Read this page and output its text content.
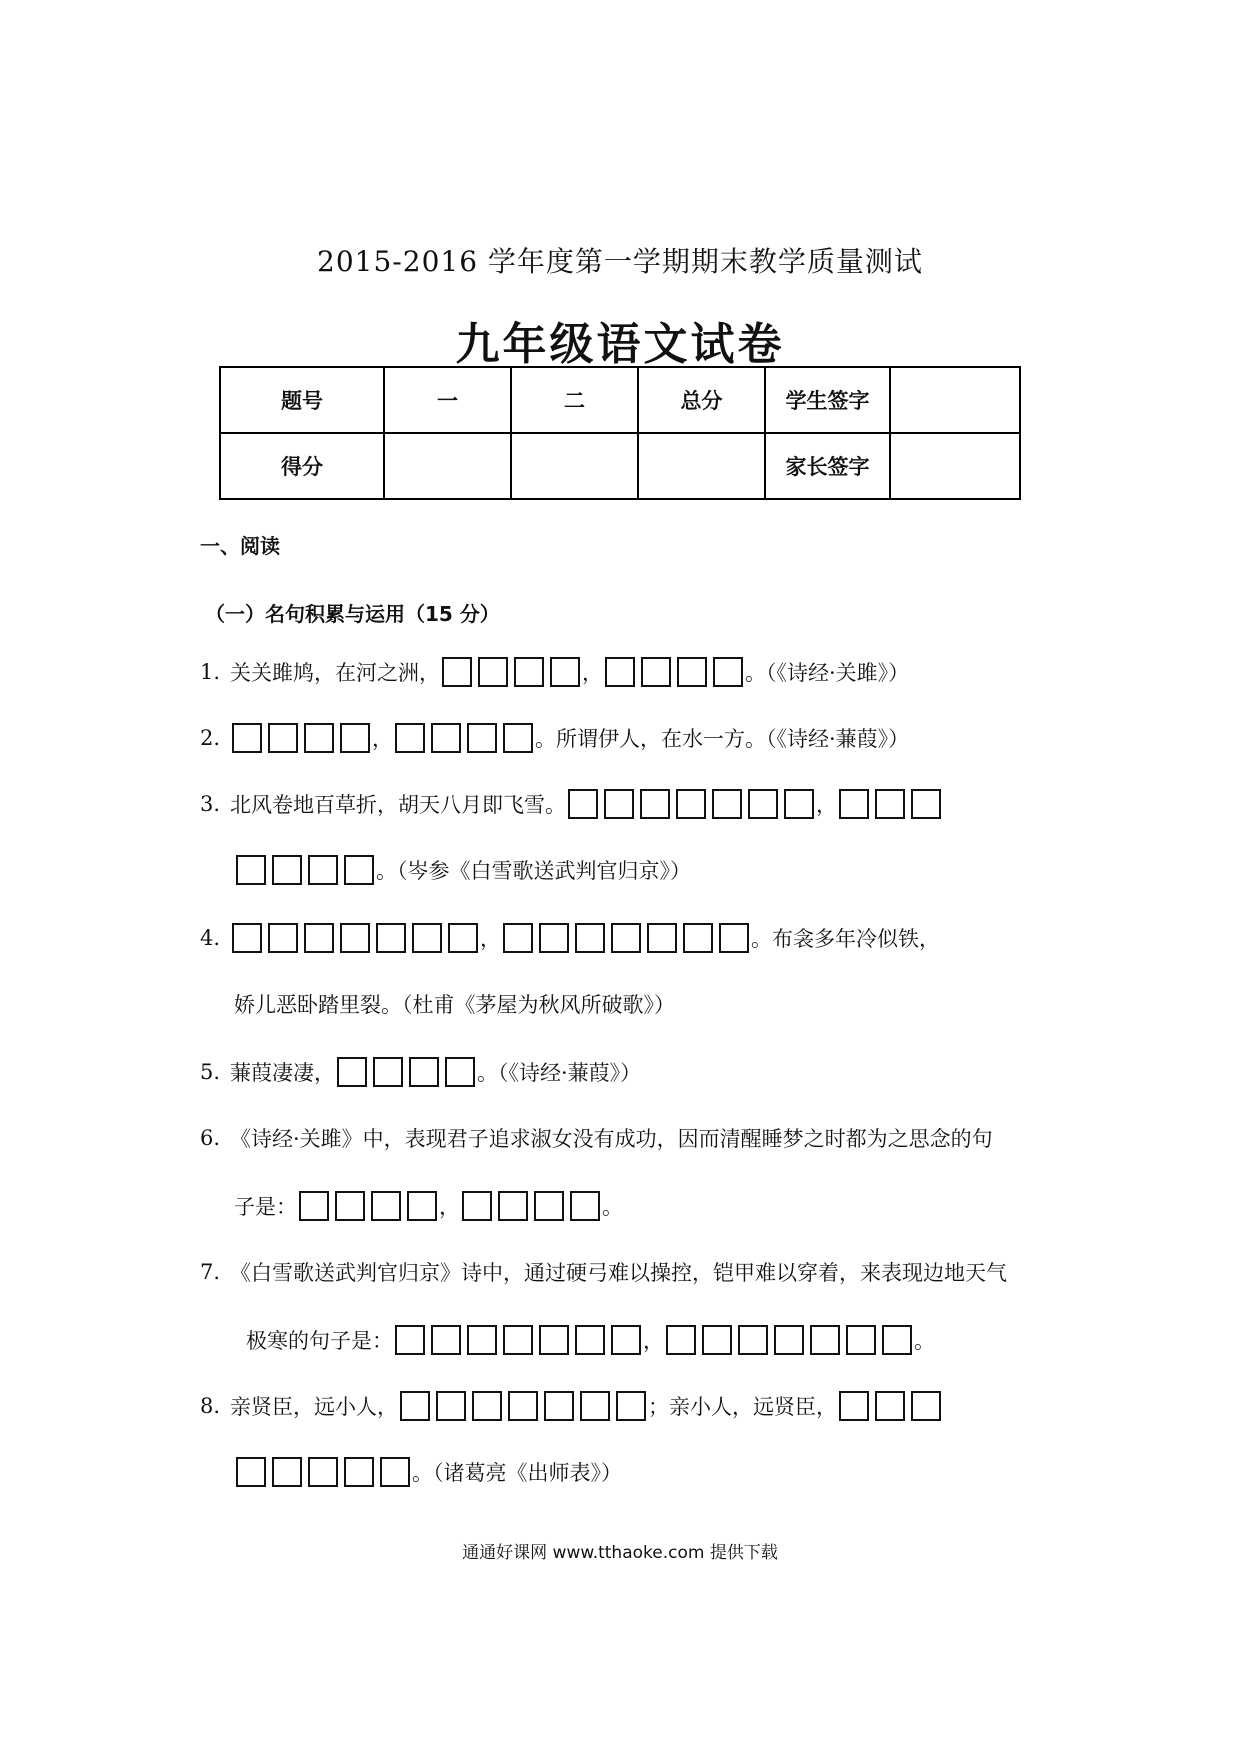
2015-2016 学年度第一学期期末教学质量测试
九年级语文试卷
题号	一	二	总分	学生签字	
得分				家长签字	
一、阅读
（一）名句积累与运用（15 分）
1. 关关雎鸠，在河之洲，	，	。（《诗经·关雎》）
2.	，	。所谓伊人，在水一方。（《诗经·蒹葭》）
3. 北风卷地百草折，胡天八月即飞雪。	，
。（岑参《白雪歌送武判官归京》）
4.	，	。布衾多年冷似铁，
娇儿恶卧踏里裂。（杜甫《茅屋为秋风所破歌》）
5. 蒹葭凄凄，	。（《诗经·蒹葭》）
6. 《诗经·关雎》中，表现君子追求淑女没有成功，因而清醒睡梦之时都为之思念的句
子是：	，	。
7. 《白雪歌送武判官归京》诗中，通过硬弓难以操控，铠甲难以穿着，来表现边地天气
极寒的句子是：	，	。
8. 亲贤臣，远小人，	；亲小人，远贤臣，
。（诸葛亮《出师表》）
通通好课网 www.tthaoke.com 提供下载
